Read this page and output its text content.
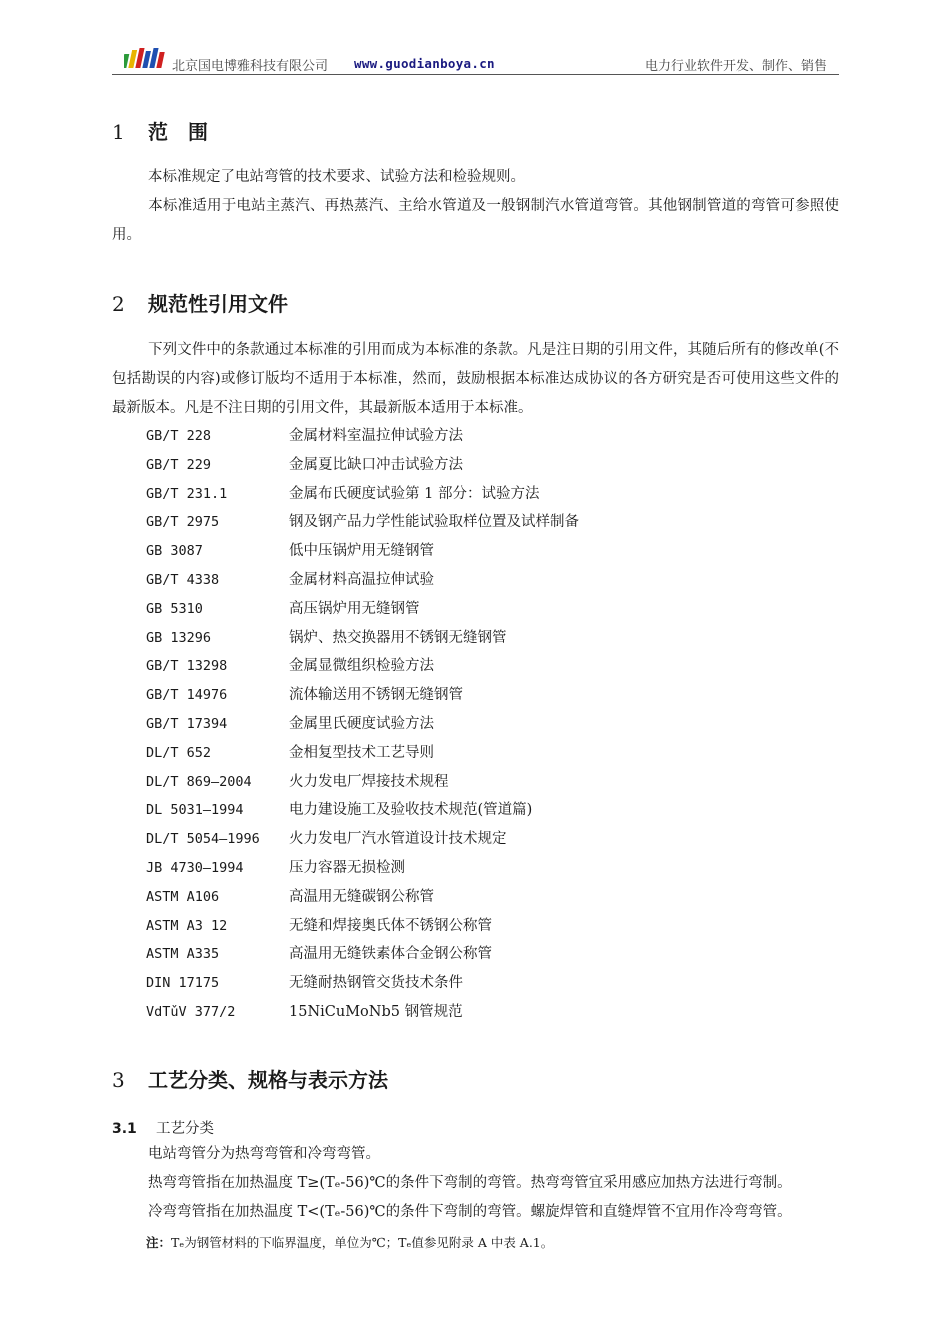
北京国电博雅科技有限公司 www.guodianboya.cn	电力行业软件开发、制作、销售
1 范　围
本标准规定了电站弯管的技术要求、试验方法和检验规则。
本标准适用于电站主蒸汽、再热蒸汽、主给水管道及一般钢制汽水管道弯管。其他钢制管道的弯管可参照使用。
2 规范性引用文件
下列文件中的条款通过本标准的引用而成为本标准的条款。凡是注日期的引用文件，其随后所有的修改单(不包括勘误的内容)或修订版均不适用于本标准，然而，鼓励根据本标准达成协议的各方研究是否可使用这些文件的最新版本。凡是不注日期的引用文件，其最新版本适用于本标准。
GB/T 228	金属材料室温拉伸试验方法
GB/T 229	金属夏比缺口冲击试验方法
GB/T 231.1	金属布氏硬度试验第 1 部分：试验方法
GB/T 2975	钢及钢产品力学性能试验取样位置及试样制备
GB 3087	低中压锅炉用无缝钢管
GB/T 4338	金属材料高温拉伸试验
GB 5310	高压锅炉用无缝钢管
GB 13296	锅炉、热交换器用不锈钢无缝钢管
GB/T 13298	金属显微组织检验方法
GB/T 14976	流体输送用不锈钢无缝钢管
GB/T 17394	金属里氏硬度试验方法
DL/T 652	金相复型技术工艺导则
DL/T 869—2004	火力发电厂焊接技术规程
DL 5031—1994	电力建设施工及验收技术规范(管道篇)
DL/T 5054—1996 火力发电厂汽水管道设计技术规定
JB 4730—1994	压力容器无损检测
ASTM A106	高温用无缝碳钢公称管
ASTM A3 12	无缝和焊接奥氏体不锈钢公称管
ASTM A335	高温用无缝铁素体合金钢公称管
DIN 17175	无缝耐热钢管交货技术条件
VdTǔV 377/2	15NiCuMoNb5 钢管规范
3 工艺分类、规格与表示方法
3.1 工艺分类
电站弯管分为热弯弯管和冷弯弯管。
热弯弯管指在加热温度 T≥(Tₑ-56)℃的条件下弯制的弯管。热弯弯管宜采用感应加热方法进行弯制。
冷弯弯管指在加热温度 T<(Tₑ-56)℃的条件下弯制的弯管。螺旋焊管和直缝焊管不宜用作冷弯弯管。
注：Tₑ为钢管材料的下临界温度，单位为℃；Tₑ值参见附录 A 中表 A.1。
